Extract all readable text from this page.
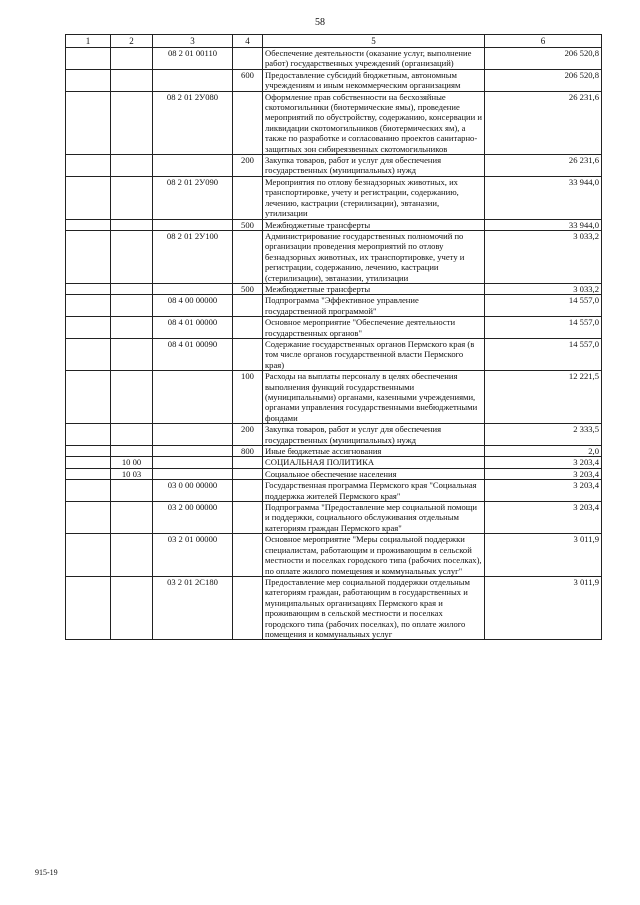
58
1	2	3	4	5	6
		08 2 01 00110		Обеспечение деятельности (оказание услуг, выполнение работ) государственных учреждений (организаций)	206 520,8
			600	Предоставление субсидий бюджетным, автономным учреждениям и иным некоммерческим организациям	206 520,8
		08 2 01 2У080		Оформление прав собственности на бесхозяйные скотомогильники (биотермические ямы), проведение мероприятий по обустройству, содержанию, консервации и ликвидации скотомогильников (биотермических ям), а также по разработке и согласованию проектов санитарно-защитных зон сибиреязвенных скотомогильников	26 231,6
			200	Закупка товаров, работ и услуг для обеспечения государственных (муниципальных) нужд	26 231,6
		08 2 01 2У090		Мероприятия по отлову безнадзорных животных, их транспортировке, учету и регистрации, содержанию, лечению, кастрации (стерилизации), эвтаназии, утилизации	33 944,0
			500	Межбюджетные трансферты	33 944,0
		08 2 01 2У100		Администрирование государственных полномочий по организации проведения мероприятий по отлову безнадзорных животных, их транспортировке, учету и регистрации, содержанию, лечению, кастрации (стерилизации), эвтаназии, утилизации	3 033,2
			500	Межбюджетные трансферты	3 033,2
		08 4 00 00000		Подпрограмма "Эффективное управление государственной программой"	14 557,0
		08 4 01 00000		Основное мероприятие "Обеспечение деятельности государственных органов"	14 557,0
		08 4 01 00090		Содержание государственных органов Пермского края (в том числе органов государственной власти Пермского края)	14 557,0
			100	Расходы на выплаты персоналу в целях обеспечения выполнения функций государственными (муниципальными) органами, казенными учреждениями, органами управления государственными внебюджетными фондами	12 221,5
			200	Закупка товаров, работ и услуг для обеспечения государственных (муниципальных) нужд	2 333,5
			800	Иные бюджетные ассигнования	2,0
	10 00			СОЦИАЛЬНАЯ ПОЛИТИКА	3 203,4
	10 03			Социальное обеспечение населения	3 203,4
		03 0 00 00000		Государственная программа Пермского края "Социальная поддержка жителей Пермского края"	3 203,4
		03 2 00 00000		Подпрограмма "Предоставление мер социальной помощи и поддержки, социального обслуживания отдельным категориям граждан Пермского края"	3 203,4
		03 2 01 00000		Основное мероприятие "Меры социальной поддержки специалистам, работающим и проживающим в сельской местности и поселках городского типа (рабочих поселках), по оплате жилого помещения и коммунальных услуг"	3 011,9
		03 2 01 2С180		Предоставление мер социальной поддержки отдельным категориям граждан, работающим в государственных и муниципальных организациях Пермского края и проживающим в сельской местности и поселках городского типа (рабочих поселках), по оплате жилого помещения и коммунальных услуг	3 011,9
915-19
